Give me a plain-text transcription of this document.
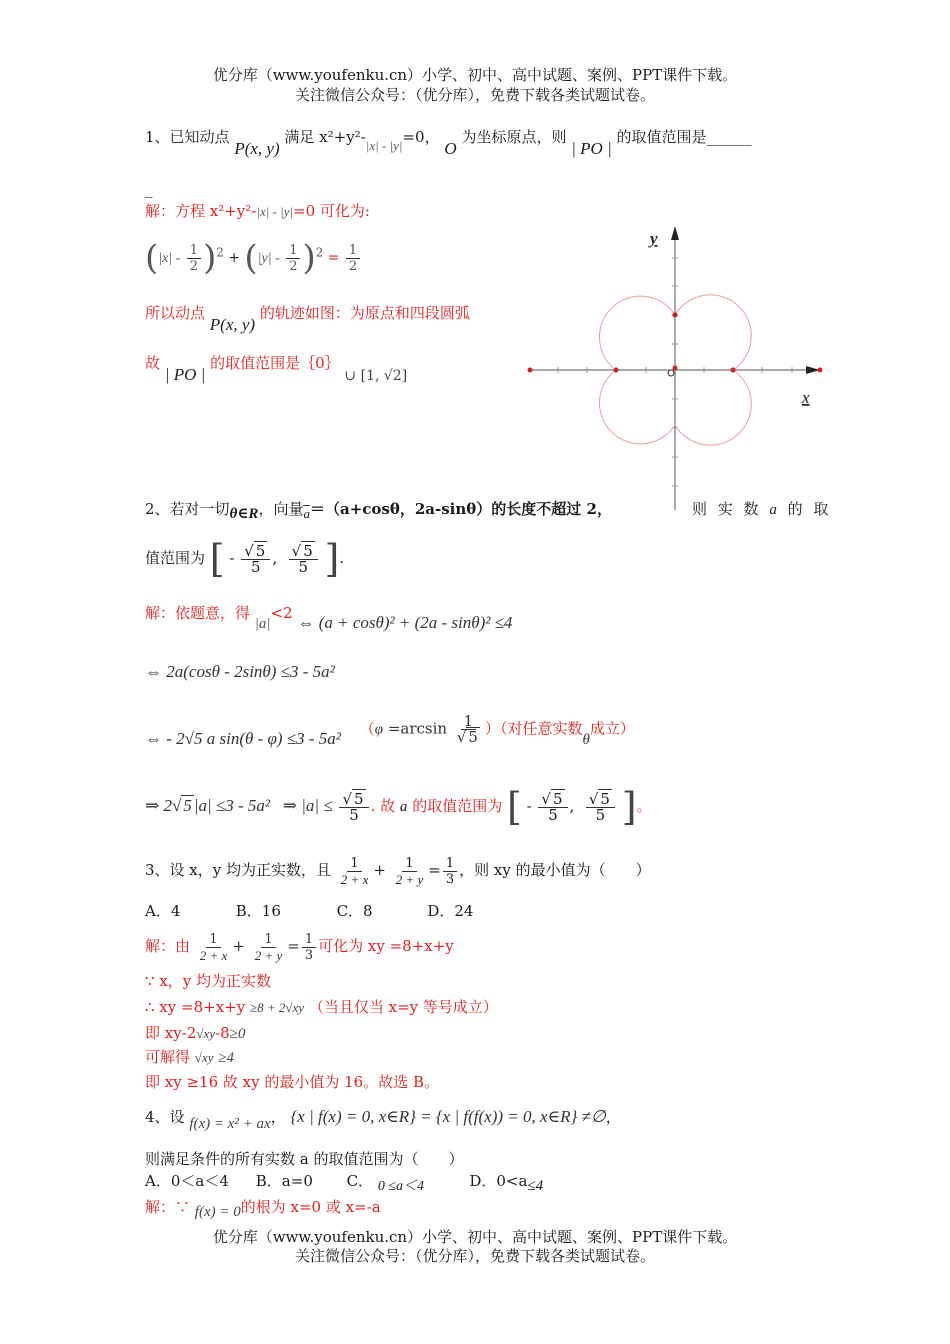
优分库（www.youfenku.cn）小学、初中、高中试题、案例、PPT课件下载。
关注微信公众号：（优分库），免费下载各类试题试卷。
1、已知动点 P(x, y) 满足 x²+y²-|x| - |y|=0， O 为坐标原点，则 | PO | 的取值范围是______
_
解：方程 x²+y²-|x| - |y|=0 可化为:
$(|x| - \frac{1}{2} )^2 + (|y| - \frac{1}{2} )^2 = \frac{1}{2}$
所以动点 P(x, y) 的轨迹如图：为原点和四段圆弧
故 | PO | 的取值范围是｛0｝ ∪ [1, √2]
y
x
O
2、若对一切θ∈R，向量a＝（a+cosθ，2a-sinθ）的长度不超过 2，	则 实 数 a 的 取
值范围为 [ - $\frac{√ 5}{5}$ , $\frac{√ 5}{5}$ ].
解：依题意，得 |a|<2 ⇔ (a + cosθ)² + (2a - sinθ)² ≤4
⇔ 2a(cosθ - 2sinθ) ≤3 - 5a²
⇔ - 2√5 a sin(θ - φ) ≤3 - 5a² （$\varphi =\arcsin \frac{1}{√ 5}$ ）（对任意实数θ成立）
⇒ 2√ 5 |a| ≤3 - 5a²   ⇒ $|a| \le \frac{√ 5}{5}$ . 故 a 的取值范围为 [ - $\frac{√ 5}{5}$ , $\frac{√ 5}{5}$ ]。
3、设 x，y 均为正实数，且 $\frac{1}{2 + x} + \frac{1}{2 + y} = \frac{1}{3}$ ，则 xy 的最小值为（　　）
A．4	B．16	C．8	D．24
解：由 $\frac{1}{2 + x} + \frac{1}{2 + y} = \frac{1}{3}$ 可化为 xy =8+x+y
∵ x，y 均为正实数
∴ xy =8+x+y ≥8 + 2√xy （当且仅当 x=y 等号成立）
即 xy-2√xy-8≥0
可解得 √xy ≥4
即 xy ≥16 故 xy 的最小值为 16。故选 B。
4、设 f(x) = x² + ax， {x | f(x) = 0, x∈R} = {x | f(f(x)) = 0, x∈R} ≠∅，
则满足条件的所有实数 a 的取值范围为（　　）
A．0＜a＜4 B．a=0 C． 0 ≤a＜4	D．0<a≤4
解：∵ f(x) = 0的根为 x=0 或 x=-a
优分库（www.youfenku.cn）小学、初中、高中试题、案例、PPT课件下载。
关注微信公众号：（优分库），免费下载各类试题试卷。
